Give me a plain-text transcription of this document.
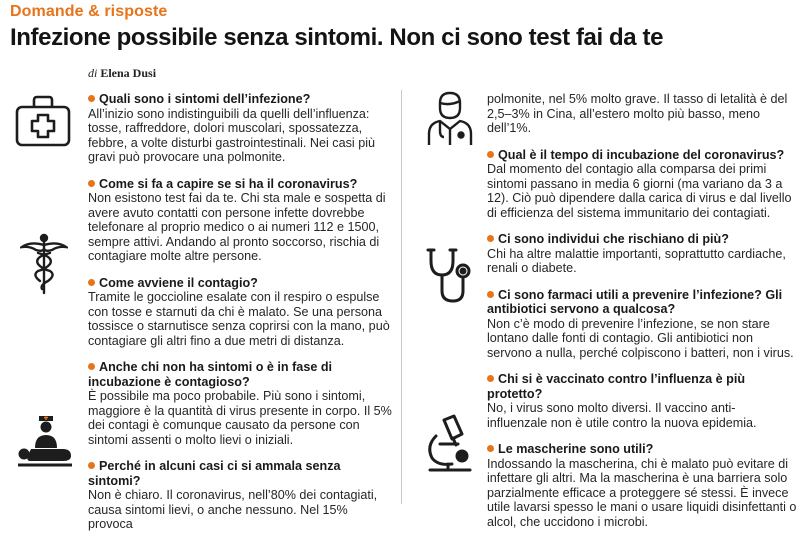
Domande & risposte
Infezione possibile senza sintomi. Non ci sono test fai da te
di Elena Dusi
Quali sono i sintomi dell’infezione?
All’inizio sono indistinguibili da quelli dell’influenza: tosse, raffreddore, dolori muscolari, spossatezza, febbre, a volte disturbi gastrointestinali. Nei casi più gravi può provocare una polmonite.
Come si fa a capire se si ha il coronavirus?
Non esistono test fai da te. Chi sta male e sospetta di avere avuto contatti con persone infette dovrebbe telefonare al proprio medico o ai numeri 112 e 1500, sempre attivi. Andando al pronto soccorso, rischia di contagiare molte altre persone.
Come avviene il contagio?
Tramite le goccioline esalate con il respiro o espulse con tosse e starnuti da chi è malato. Se una persona tossisce o starnutisce senza coprirsi con la mano, può contagiare gli altri fino a due metri di distanza.
Anche chi non ha sintomi o è in fase di incubazione è contagioso?
È possibile ma poco probabile. Più sono i sintomi, maggiore è la quantità di virus presente in corpo. Il 5% dei contagi è comunque causato da persone con sintomi assenti o molto lievi o iniziali.
Perché in alcuni casi ci si ammala senza sintomi?
Non è chiaro. Il coronavirus, nell’80% dei contagiati, causa sintomi lievi, o anche nessuno. Nel 15% provoca
polmonite, nel 5% molto grave. Il tasso di letalità è del 2,5–3% in Cina, all’estero molto più basso, meno dell’1%.
Qual è il tempo di incubazione del coronavirus?
Dal momento del contagio alla comparsa dei primi sintomi passano in media 6 giorni (ma variano da 3 a 12). Ciò può dipendere dalla carica di virus e dal livello di efficienza del sistema immunitario dei contagiati.
Ci sono individui che rischiano di più?
Chi ha altre malattie importanti, soprattutto cardiache, renali o diabete.
Ci sono farmaci utili a prevenire l’infezione? Gli antibiotici servono a qualcosa?
Non c’è modo di prevenire l’infezione, se non stare lontano dalle fonti di contagio. Gli antibiotici non servono a nulla, perché colpiscono i batteri, non i virus.
Chi si è vaccinato contro l’influenza è più protetto?
No, i virus sono molto diversi. Il vaccino anti- influenzale non è utile contro la nuova epidemia.
Le mascherine sono utili?
Indossando la mascherina, chi è malato può evitare di infettare gli altri. Ma la mascherina è una barriera solo parzialmente efficace a proteggere sé stessi. È invece utile lavarsi spesso le mani o usare liquidi disinfettanti o alcol, che uccidono i microbi.
